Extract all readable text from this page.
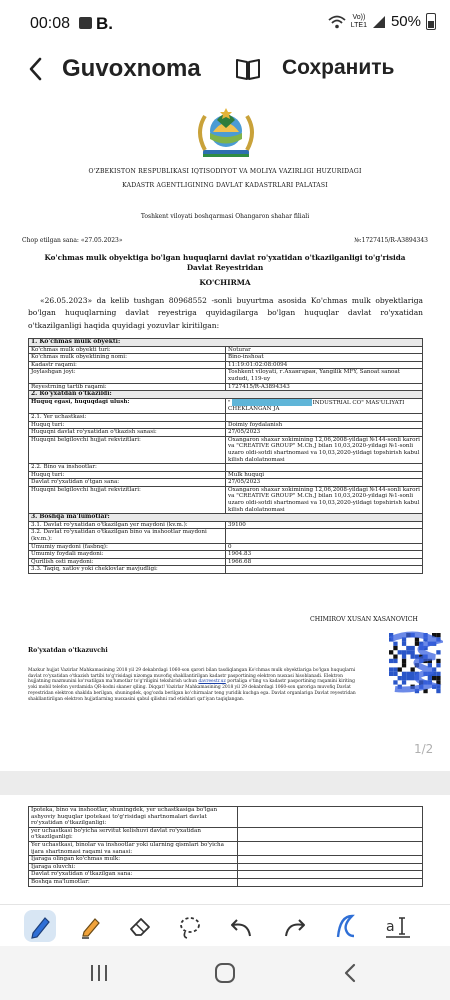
00:08 B.	Vo))
LTE1 50%
Guvoxnoma	Сохранить
O'ZBEKISTON RESPUBLIKASI IQTISODIYOT VA MOLIYA VAZIRLIGI HUZURIDAGI
KADASTR AGENTLIGINING DAVLAT KADASTRLARI PALATASI
Toshkent viloyati boshqarmasi Ohangaron shahar filiali
Chop etilgan sana: «27.05.2023»	№:1727415/R-A3894343
Ko'chmas mulk obyektiga bo'lgan huquqlarni davlat ro'yxatidan o'tkazilganligi to'g'risida Davlat Reyestridan
KO'CHIRMA
«26.05.2023» da kelib tushgan 80968552 -sonli buyurtma asosida Ko'chmas mulk obyektlariga bo'lgan huquqlarning davlat reyestriga quyidagilarga bo'lgan huquqlar davlat ro'yxatidan o'tkazilganligi haqida quyidagi yozuvlar kiritilgan:
1. Ko'chmas mulk obyekti:	
Ko'chmas mulk obyekti turi:	Noturar
Ko'chmas mulk obyektining nomi:	Bino-inshoat
Kadastr raqami:	11:19:01:02:08:0094
Joylashgan joyi:	Toshkent viloyati, г.Ахангаран, Yangilik MFY, Sanoat sanoat xududi, 119-uy
Reyestrning tartib raqami:	1727415/R-A3894343
2. Ro'yxatdan o'tkazildi:	
Huquq egasi, huquqdagi ulush:	" INDUSTRIAL CO" MAS'ULIYATI CHEKLANGAN JA
2.1. Yer uchastkasi:	
Huquq turi:	Doimiy foydalanish
Huquqni davlat ro'yxatidan o'tkazish sanasi:	27/05/2023
Huquqni belgilovchi hujjat rekvizitlari:	Oxangaron shaxar xokimining 12,06,2008-yildagi №144-sonli karori va "CREATIVE GROUP" M.Ch.J bilan 10,03,2020-yildagi №1-sonli uzaro oldi-sotdi shartnomasi va 10,03,2020-yildagi topshirish kabul kilish dalolatnomasi
2.2. Bino va inshootlar:	
Huquq turi:	Mulk huquqi
Davlat ro'yxatidan o'tgan sana:	27/05/2023
Huquqni belgilovchi hujjat rekvizitlari:	Oxangaron shaxar xokimining 12,06,2008-yildagi №144-sonli karori va "CREATIVE GROUP" M.Ch.J bilan 10,03,2020-yildagi №1-sonli uzaro oldi-sotdi shartnomasi va 10,03,2020-yildagi topshirish kabul kilish dalolatnomasi
3. Boshqa ma'lumotlar:	
3.1. Davlat ro'yxatidan o'tkazilgan yer maydoni (kv.m.):	39100
3.2. Davlat ro'yxatidan o'tkazilgan bino va inshootlar maydoni (kv.m.):	
Umumiy maydoni (fasbnq):	0
Umumiy foydali maydoni:	1904.83
Qurilish osti maydoni:	1966.68
3.3. Taqiq, xatlov yoki cheklovlar mavjudligi:	
CHIMIROV XUSAN XASANOVICH
Ro'yxatdan o'tkazuvchi
Mazkur hujjat Vazirlar Mahkamasining 2018 yil 29 dekabrdagi 1060-son qarori bilan tasdiqlangan Ko'chmas mulk obyektlariga bo'lgan huquqlarni davlat ro'yxatidan o'tkazish tartibi to'g'risidagi nizomga muvofiq shakllantirilgan kadastr pasportining elektron nusxasi hisoblanadi. Elektron hujjatning mazmunini ko'rsatilgan ma'lumotlar to'g'riligini tekshirish uchun davreestr.uz portaliga o'ting va kadastr pasportining raqamini kiriting yoki mobil telefon yordamida QR-kodni skaner qiling. Diqqat! Vazirlar Mahkamasining 2018 yil 29 dekabrdagi 1060-son qaroriga muvofiq Davlat reyestridan elektron shaklda berilgan, shuningdek, qog'ozda berilgan ko'chirmalar teng yuridik kuchga ega. Davlat organlariga Davlat reyestridan shakllantirilgan elektron hujjatlarning nusxasini qabul qilishni rad etishlari qat'iyan taqiqlangan.
1/2
Ipoteka, bino va inshootlar, shuningdek, yer uchastkasiga bo'lgan ashyoviy huquqlar ipotekasi to'g'risidagi shartnomalari davlat ro'yxatidan o'tkazilganligi:	
yer uchastkasi bo'yicha servitut kelishuvi davlat ro'yxatidan o'tkazilganligi:	
Yer uchastkasi, binolar va inshootlar yoki ularning qismlari bo'yicha ijara shartnomasi raqami va sanasi:	
Ijaraga olingan ko'chmas mulk:	
Ijaraga oluvchi:	
Davlat ro'yxatidan o'tkazilgan sana:	
Boshqa ma'lumotlar:	
a
